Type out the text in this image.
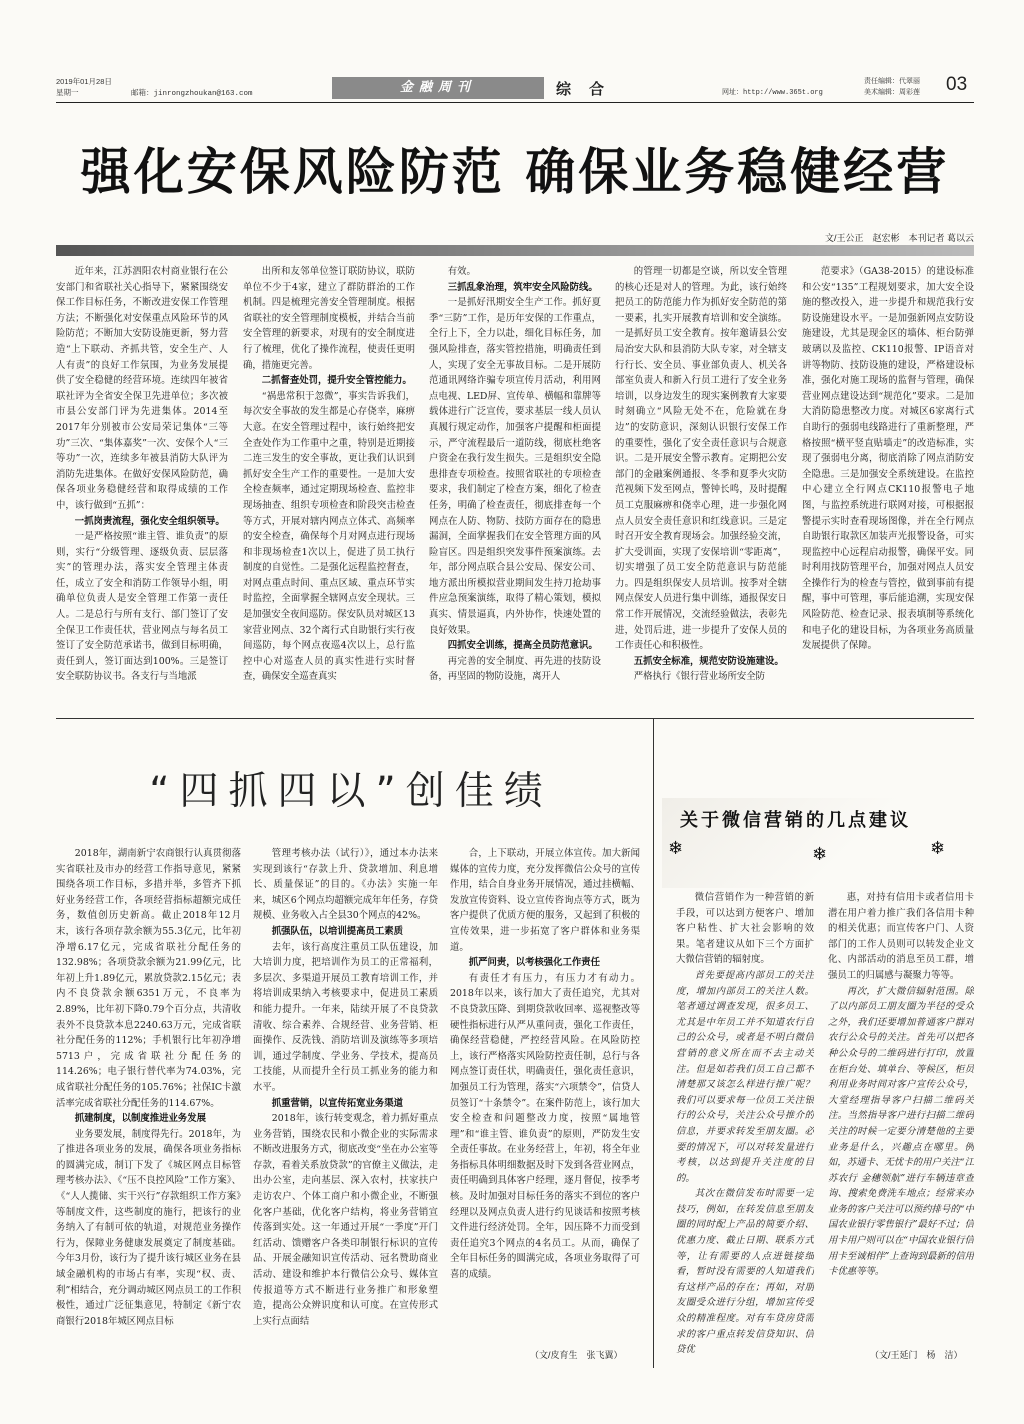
2019年01月28日
星期一	邮箱：jinrongzhoukan@163.com	金融周刊	综合	网址：http://www.365t.org
责任编辑：代翠丽
美术编辑：周彩莲 03
强化安保风险防范 确保业务稳健经营
文/王公正　赵宏彬　本刊记者 葛以云

近年来，江苏泗阳农村商业银行在公安部门和省联社关心指导下，紧紧围绕安保工作目标任务，不断改进安保工作管理方法；不断强化对安保重点风险环节的风险防范；不断加大安防设施更新，努力营造“上下联动、齐抓共管，安全生产、人人有责”的良好工作氛围，为业务发展提供了安全稳健的经营环境。连续四年被省联社评为全省安全保卫先进单位；多次被市县公安部门评为先进集体。2014至2017年分别被市公安局荣记集体“三等功”三次、“集体嘉奖”一次、安保个人“三等功”一次，连续多年被县消防大队评为消防先进集体。在做好安保风险防范，确保各项业务稳健经营和取得成绩的工作中，该行做到“五抓”：

一抓岗责流程，强化安全组织领导。

一是严格按照“谁主管、谁负责”的原则，实行“分级管理、逐级负责、层层落实”的管理办法，落实安全管理主体责任，成立了安全和消防工作领导小组，明确单位负责人是安全管理工作第一责任人。二是总行与所有支行、部门签订了安全保卫工作责任状，营业网点与每名员工签订了安全防范承诺书，做到目标明确，责任到人，签订面达到100%。三是签订安全联防协议书。各支行与当地派

出所和友邻单位签订联防协议，联防单位不少于4家，建立了群防群治的工作机制。四是梳理完善安全管理制度。根据省联社的安全管理制度模板，并结合当前安全管理的新要求，对现有的安全制度进行了梳理，优化了操作流程，使责任更明确，措施更完善。

二抓督查处罚，提升安全管控能力。

“祸患常积于忽微”，事实告诉我们，每次安全事故的发生都是心存侥幸，麻痹大意。在安全管理过程中，该行始终把安全查处作为工作重中之重，特别是近期接二连三发生的安全事故，更让我们认识到抓好安全生产工作的重要性。一是加大安全检查频率，通过定期现场检查、监控非现场抽查、组织专项检查和阶段突击检查等方式，开展对辖内网点立体式、高频率的安全检查，确保每个月对网点进行现场和非现场检查1次以上，促进了员工执行制度的自觉性。二是强化远程监控督查，对网点重点时间、重点区域、重点环节实时监控，全面掌握全辖网点安全现状。三是加强安全夜间巡防。保安队员对城区13家营业网点、32个离行式自助银行实行夜间巡防，每个网点夜巡4次以上，总行监控中心对巡查人员的真实性进行实时督查，确保安全巡查真实

有效。

三抓乱象治理，筑牢安全风险防线。

一是抓好汛期安全生产工作。抓好夏季“三防”工作，是历年安保的工作重点，全行上下，全力以赴，细化目标任务，加强风险排查，落实管控措施，明确责任到人，实现了安全无事故目标。二是开展防范通讯网络诈骗专项宣传月活动，利用网点电视、LED屏、宣传单、横幅和靠牌等载体进行广泛宣传，要求基层一线人员认真履行规定动作，加强客户提醒和柜面提示，严守流程最后一道防线，彻底杜绝客户资金在我行发生损失。三是组织安全隐患排查专项检查。按照省联社的专项检查要求，我们制定了检查方案，细化了检查任务，明确了检查责任，彻底排查每一个网点在人防、物防、技防方面存在的隐患漏洞，全面掌握我们在安全管理方面的风险盲区。四是组织突发事件预案演练。去年，部分网点联合县公安局、保安公司、地方派出所模拟营业期间发生持刀抢劫事件应急预案演练，取得了精心策划，模拟真实、情景逼真，内外协作，快速处置的良好效果。

四抓安全训练，提高全员防范意识。

再完善的安全制度、再先进的技防设备，再坚固的物防设施，离开人

的管理一切都是空谈，所以安全管理的核心还是对人的管理。为此，该行始终把员工的防范能力作为抓好安全防范的第一要素，扎实开展教育培训和安全演练。一是抓好员工安全教育。按年邀请县公安局治安大队和县消防大队专家，对全辖支行行长、安全员、事业部负责人、机关各部室负责人和新入行员工进行了安全业务培训，以身边发生的现实案例教育大家要时刻确立“风险无处不在，危险就在身边”的安防意识，深刻认识银行安保工作的重要性，强化了安全责任意识与合规意识。二是开展安全警示教育。定期把公安部门的金融案例通报、冬季和夏季火灾防范视频下发至网点，警钟长鸣，及时提醒员工克服麻痹和侥幸心理，进一步强化网点人员安全责任意识和红线意识。三是定时召开安全教育现场会。加强经验交流，扩大受训面，实现了安保培训“零距离”，切实增强了员工安全防范意识与防范能力。四是组织保安人员培训。按季对全辖网点保安人员进行集中训练，通报保安日常工作开展情况，交流经验做法，表彰先进，处罚后进，进一步提升了安保人员的工作责任心和积极性。

五抓安全标准，规范安防设施建设。

严格执行《银行营业场所安全防

范要求》（GA38-2015）的建设标准和公安“135”工程规划要求，加大安全设施的整改投入，进一步提升和规范我行安防设施建设水平。一是加强新网点安防设施建设，尤其是现金区的墙体、柜台防弹玻璃以及监控、CK110报警、IP语音对讲等物防、技防设施的建设，严格建设标准，强化对施工现场的监督与管理，确保营业网点建设达到“规范化”要求。二是加大消防隐患整改力度。对城区6家离行式自助行的强弱电线路进行了重新整理，严格按照“横平竖直贴墙走”的改造标准，实现了强弱电分离，彻底消除了网点消防安全隐患。三是加强安全系统建设。在监控中心建立全行网点CK110报警电子地图，与监控系统进行联网对接，可根据报警提示实时查看现场图像，并在全行网点自助银行取款区加装声光报警设备，可实现监控中心远程启动报警，确保平安。同时利用找防管理平台，加强对网点人员安全操作行为的检查与管控，做到事前有提醒，事中可管理，事后能追溯，实现安保风险防范、检查记录、报表填制等系统化和电子化的建设目标，为各项业务高质量发展提供了保障。

“四抓四以”创佳绩

2018年，湖南新宁农商银行认真贯彻落实省联社及市办的经营工作指导意见，紧紧围绕各项工作目标，多措并举，多管齐下抓好业务经营工作，各项经营指标超额完成任务，数值创历史新高。截止2018年12月末，该行各项存款余额为55.3亿元，比年初净增6.17亿元，完成省联社分配任务的132.98%；各项贷款余额为21.99亿元，比年初上升1.89亿元，累放贷款2.15亿元；表内不良贷款余额6351万元，不良率为2.89%，比年初下降0.79个百分点，共清收表外不良贷款本息2240.63万元，完成省联社分配任务的112%；手机银行比年初净增5713户，完成省联社分配任务的114.26%；电子银行替代率为74.03%，完成省联社分配任务的105.76%；社保IC卡激活率完成省联社分配任务的114.67%。

抓建制度，以制度推进业务发展

业务要发展，制度得先行。2018年，为了推进各项业务的发展，确保各项业务指标的圆满完成，制订下发了《城区网点目标管理考核办法》、《“压不良控风险”工作方案》、《“人人揽储、实干兴行”存款组织工作方案》等制度文件，这些制度的施行，把该行的业务纳入了有制可依的轨道，对规范业务操作行为，保障业务健康发展奠定了制度基础。今年3月份，该行为了提升该行城区业务在县域金融机构的市场占有率，实现“权、责、利”相结合，充分调动城区网点员工的工作积极性，通过广泛征集意见，特制定《新宁农商银行2018年城区网点目标

管理考核办法（试行）》，通过本办法来实现到该行“存款上升、贷款增加、利息增长、质量保证”的目的。《办法》实施一年来，城区6个网点均超额完成年年任务，存贷规模、业务收入占全县30个网点的42%。

抓强队伍，以培训提高员工素质

去年，该行高度注重员工队伍建设，加大培训力度，把培训作为员工的正常福利，多层次、多渠道开展员工教育培训工作，并将培训成果纳入考核要求中，促进员工素质和能力提升。一年来，陆续开展了不良贷款清收、综合素养、合规经营、业务营销、柜面操作、反洗钱、消防培训及演练等多项培训，通过学制度、学业务、学技术，提高员工技能，从而提升全行员工抓业务的能力和水平。

抓重营销，以宣传拓宽业务渠道

2018年，该行转变观念，着力抓好重点业务营销，围绕农民和小微企业的实际需求不断改进服务方式，彻底改变“坐在办公室等存款，看着关系放贷款”的官僚主义做法，走出办公室，走向基层、深入农村，扶家扶户走访农户、个体工商户和小微企业，不断强化客户基础，优化客户结构，将业务营销宣传落到实处。这一年通过开展“一季度”开门红活动、馈赠客户各类印制银行标识的宣传品、开展金融知识宣传活动、冠名赞助商业活动、建设和维护本行微信公众号、媒体宣传报道等方式不断进行业务推广和形象塑造，提高公众辨识度和认可度。在宣传形式上实行点面结

合，上下联动，开展立体宣传。加大新闻媒体的宣传力度，充分发挥微信公众号的宣传作用，结合自身业务开展情况，通过挂横幅、发放宣传资料、设立宣传咨询点等方式，既为客户提供了优质方便的服务，又起到了积极的宣传效果，进一步拓宽了客户群体和业务渠道。

抓严问责，以考核强化工作责任

有责任才有压力，有压力才有动力。2018年以来，该行加大了责任追究，尤其对不良贷款压降、到期贷款收回率、巡视整改等硬性指标进行从严从重问责，强化工作责任，确保经营稳健，严控经营风险。在风险防控上，该行严格落实风险防控责任制，总行与各网点签订责任状，明确责任，强化责任意识，加强员工行为管理，落实“六项禁令”，信贷人员签订“十条禁令”。在案件防范上，该行加大安全检查和问题整改力度，按照“属地管理”和“谁主管、谁负责”的原则，严防发生安全责任事故。在业务经营上，年初，将全年业务指标具体明细数据及时下发到各营业网点，责任明确到具体客户经理，逐月督促，按季考核。及时加强对目标任务的落实不到位的客户经理以及网点负责人进行约见谈话和按照考核文件进行经济处罚。全年，因压降不力而受到责任追究3个网点的4名员工。从而，确保了全年目标任务的圆满完成，各项业务取得了可喜的成绩。

（文/皮育生　张飞翼）
❄	❄	❄
关于微信营销的几点建议

微信营销作为一种营销的新手段，可以达到方便客户、增加客户粘性、扩大社会影响的效果。笔者建议从如下三个方面扩大微信营销的辐射度。

首先要提高内部员工的关注度，增加内部员工的关注人数。笔者通过调查发现，很多员工、尤其是中年员工并不知道农行自己的公众号，或者是不明白微信营销的意义所在而不去主动关注。但是如若我们员工自己都不清楚那又该怎么样进行推广呢？我们可以要求每一位员工关注银行的公众号，关注公众号推介的信息，并要求转发至朋友圈。必要的情况下，可以对转发量进行考核，以达到提升关注度的目的。

其次在微信发布时需要一定技巧，例如，在转发信息至朋友圈的同时配上产品的简要介绍、优惠力度、截止日期、联系方式等，让有需要的人点进链接细看，暂时没有需要的人知道我们有这样产品的存在；再如，对朋友圈受众进行分组，增加宣传受众的精准程度。对有车贷房贷需求的客户重点转发信贷知识、信贷优

惠，对持有信用卡或者信用卡潜在用户着力推广我们各信用卡种的相关优惠；而宣传客户门、人资部门的工作人员则可以转发企业文化、内部活动的消息至员工群，增强员工的归属感与凝聚力等等。

再次，扩大微信辐射范围。除了以内部员工朋友圈为半径的受众之外，我们还要增加普通客户群对农行公众号的关注。首先可以把各种公众号的二维码进行打印，放置在柜台处、填单台、等候区，柜员利用业务时间对客户宣传公众号，大堂经理指导客户扫描二维码关注。当然指导客户进行扫描二维码关注的时候一定要分清楚他的主要业务是什么，兴趣点在哪里。例如，苏通卡、无忧卡的用户关注“江苏农行 金穗领航”进行车辆违章查询、搜索免费洗车地点；经常来办业务的客户关注可以预约排号的“中国农业银行零售银行”最好不过；信用卡用户则可以在“中国农业银行信用卡至诚相伴”上查询到最新的信用卡优惠等等。

（文/王延门　杨　洁）
